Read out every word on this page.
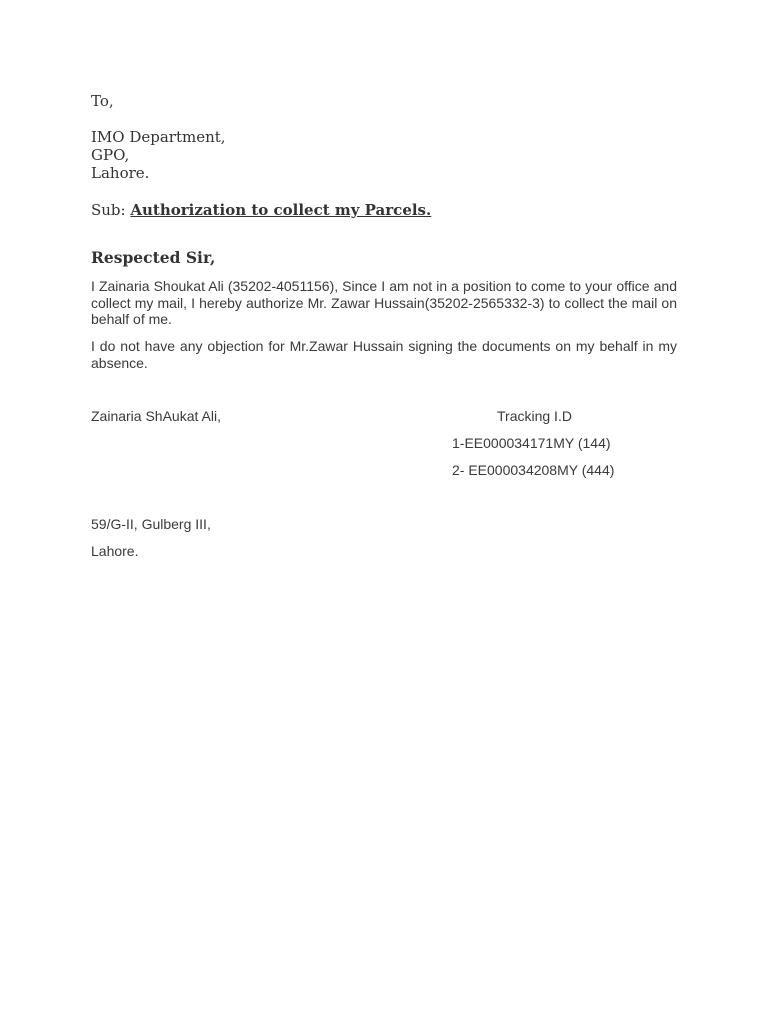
To,
IMO Department,
GPO,
Lahore.
Sub: Authorization to collect my Parcels.
Respected Sir,

I Zainaria Shoukat Ali (35202-4051156), Since I am not in a position to come to your office and collect my mail, I hereby authorize Mr. Zawar Hussain(35202-2565332-3) to collect the mail on behalf of me.

I do not have any objection for Mr.Zawar Hussain signing the documents on my behalf in my absence.

Zainaria ShAukat Ali,	Tracking I.D
1-EE000034171MY (144)
2- EE000034208MY (444)
59/G-II, Gulberg III,
Lahore.
